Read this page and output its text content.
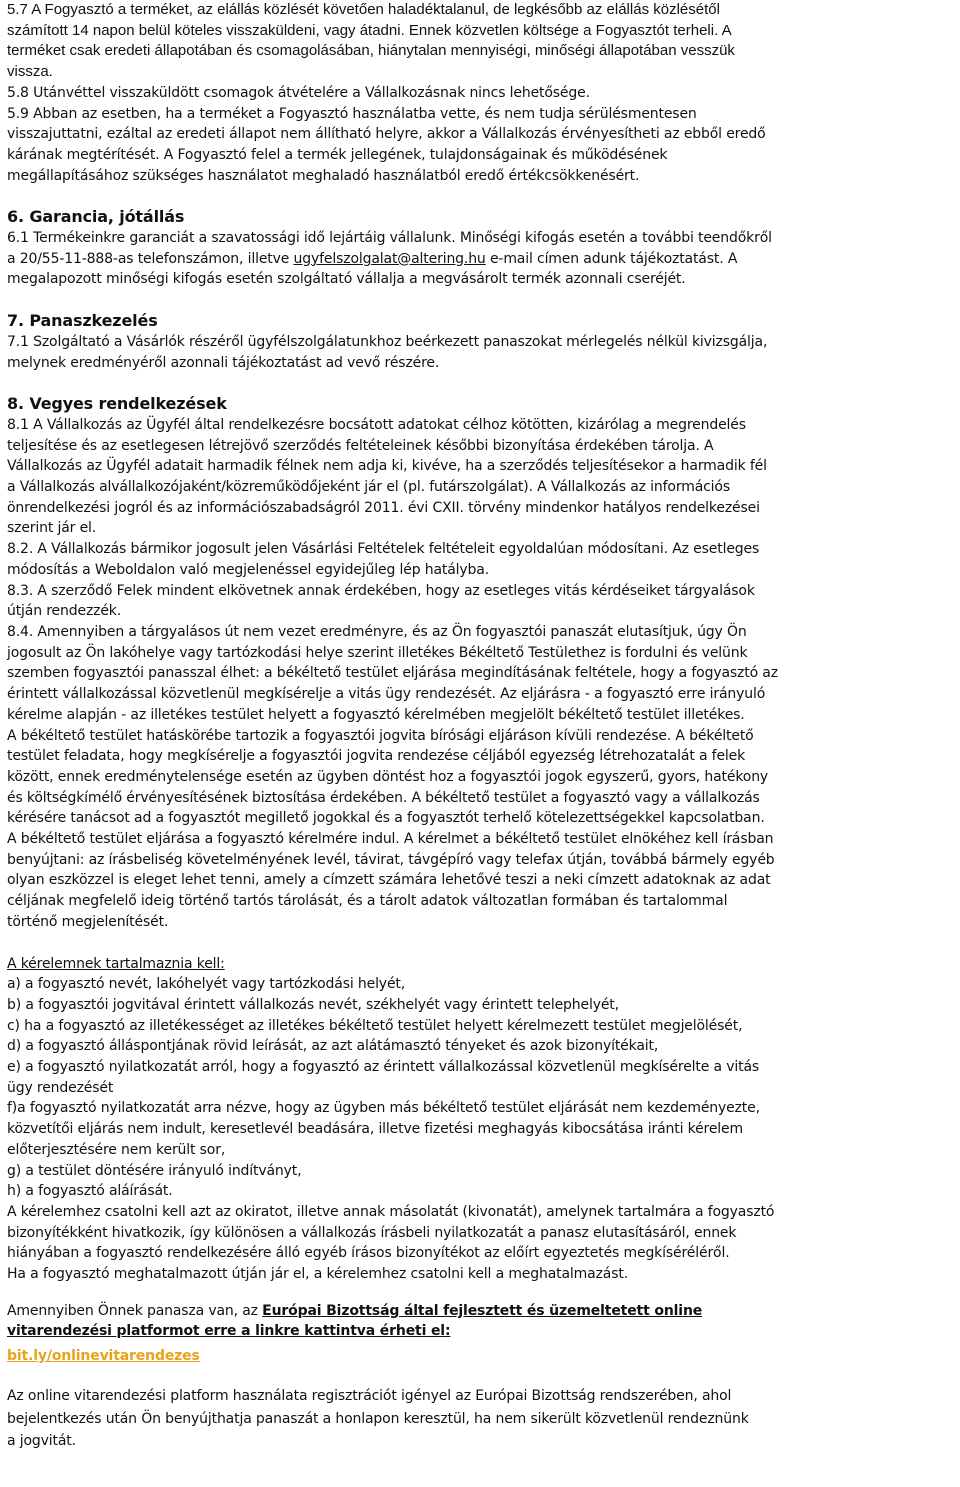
5.7 A Fogyasztó a terméket, az elállás közlését követően haladéktalanul, de legkésőbb az elállás közlésétől
számított 14 napon belül köteles visszaküldeni, vagy átadni. Ennek közvetlen költsége a Fogyasztót terheli. A
terméket csak eredeti állapotában és csomagolásában, hiánytalan mennyiségi, minőségi állapotában vesszük
vissza.
5.8 Utánvéttel visszaküldött csomagok átvételére a Vállalkozásnak nincs lehetősége.
5.9 Abban az esetben, ha a terméket a Fogyasztó használatba vette, és nem tudja sérülésmentesen
visszajuttatni, ezáltal az eredeti állapot nem állítható helyre, akkor a Vállalkozás érvényesítheti az ebből eredő
kárának megtérítését. A Fogyasztó felel a termék jellegének, tulajdonságainak és működésének
megállapításához szükséges használatot meghaladó használatból eredő értékcsökkenésért.
6. Garancia, jótállás
6.1 Termékeinkre garanciát a szavatossági idő lejártáig vállalunk. Minőségi kifogás esetén a további teendőkről
a 20/55-11-888-as telefonszámon, illetve ugyfelszolgalat@altering.hu e-mail címen adunk tájékoztatást. A
megalapozott minőségi kifogás esetén szolgáltató vállalja a megvásárolt termék azonnali cseréjét.
7. Panaszkezelés
7.1 Szolgáltató a Vásárlók részéről ügyfélszolgálatunkhoz beérkezett panaszokat mérlegelés nélkül kivizsgálja,
melynek eredményéről azonnali tájékoztatást ad vevő részére.
8. Vegyes rendelkezések
8.1 A Vállalkozás az Ügyfél által rendelkezésre bocsátott adatokat célhoz kötötten, kizárólag a megrendelés
teljesítése és az esetlegesen létrejövő szerződés feltételeinek későbbi bizonyítása érdekében tárolja. A
Vállalkozás az Ügyfél adatait harmadik félnek nem adja ki, kivéve, ha a szerződés teljesítésekor a harmadik fél
a Vállalkozás alvállalkozójaként/közreműködőjeként jár el (pl. futárszolgálat). A Vállalkozás az információs
önrendelkezési jogról és az információszabadságról 2011. évi CXII. törvény mindenkor hatályos rendelkezései
szerint jár el.
8.2. A Vállalkozás bármikor jogosult jelen Vásárlási Feltételek feltételeit egyoldalúan módosítani. Az esetleges
módosítás a Weboldalon való megjelenéssel egyidejűleg lép hatályba.
8.3. A szerződő Felek mindent elkövetnek annak érdekében, hogy az esetleges vitás kérdéseiket tárgyalások
útján rendezzék.
8.4. Amennyiben a tárgyalásos út nem vezet eredményre, és az Ön fogyasztói panaszát elutasítjuk, úgy Ön
jogosult az Ön lakóhelye vagy tartózkodási helye szerint illetékes Békéltető Testülethez is fordulni és velünk
szemben fogyasztói panasszal élhet: a békéltető testület eljárása megindításának feltétele, hogy a fogyasztó az
érintett vállalkozással közvetlenül megkísérelje a vitás ügy rendezését. Az eljárásra - a fogyasztó erre irányuló
kérelme alapján - az illetékes testület helyett a fogyasztó kérelmében megjelölt békéltető testület illetékes.
A békéltető testület hatáskörébe tartozik a fogyasztói jogvita bírósági eljáráson kívüli rendezése. A békéltető
testület feladata, hogy megkísérelje a fogyasztói jogvita rendezése céljából egyezség létrehozatalát a felek
között, ennek eredménytelensége esetén az ügyben döntést hoz a fogyasztói jogok egyszerű, gyors, hatékony
és költségkímélő érvényesítésének biztosítása érdekében. A békéltető testület a fogyasztó vagy a vállalkozás
kérésére tanácsot ad a fogyasztót megillető jogokkal és a fogyasztót terhelő kötelezettségekkel kapcsolatban.
A békéltető testület eljárása a fogyasztó kérelmére indul. A kérelmet a békéltető testület elnökéhez kell írásban
benyújtani: az írásbeliség követelményének levél, távirat, távgépíró vagy telefax útján, továbbá bármely egyéb
olyan eszközzel is eleget lehet tenni, amely a címzett számára lehetővé teszi a neki címzett adatoknak az adat
céljának megfelelő ideig történő tartós tárolását, és a tárolt adatok változatlan formában és tartalommal
történő megjelenítését.
A kérelemnek tartalmaznia kell:
a) a fogyasztó nevét, lakóhelyét vagy tartózkodási helyét,
b) a fogyasztói jogvitával érintett vállalkozás nevét, székhelyét vagy érintett telephelyét,
c) ha a fogyasztó az illetékességet az illetékes békéltető testület helyett kérelmezett testület megjelölését,
d) a fogyasztó álláspontjának rövid leírását, az azt alátámasztó tényeket és azok bizonyítékait,
e) a fogyasztó nyilatkozatát arról, hogy a fogyasztó az érintett vállalkozással közvetlenül megkísérelte a vitás
ügy rendezését
f)a fogyasztó nyilatkozatát arra nézve, hogy az ügyben más békéltető testület eljárását nem kezdeményezte,
közvetítői eljárás nem indult, keresetlevél beadására, illetve fizetési meghagyás kibocsátása iránti kérelem
előterjesztésére nem került sor,
g) a testület döntésére irányuló indítványt,
h) a fogyasztó aláírását.
A kérelemhez csatolni kell azt az okiratot, illetve annak másolatát (kivonatát), amelynek tartalmára a fogyasztó
bizonyítékként hivatkozik, így különösen a vállalkozás írásbeli nyilatkozatát a panasz elutasításáról, ennek
hiányában a fogyasztó rendelkezésére álló egyéb írásos bizonyítékot az előírt egyeztetés megkíséréléről.
Ha a fogyasztó meghatalmazott útján jár el, a kérelemhez csatolni kell a meghatalmazást.
Amennyiben Önnek panasza van, az Európai Bizottság által fejlesztett és üzemeltetett online
vitarendezési platformot erre a linkre kattintva érheti el:
bit.ly/onlinevitarendezes
Az online vitarendezési platform használata regisztrációt igényel az Európai Bizottság rendszerében, ahol
bejelentkezés után Ön benyújthatja panaszát a honlapon keresztül, ha nem sikerült közvetlenül rendeznünk
a jogvitát.
